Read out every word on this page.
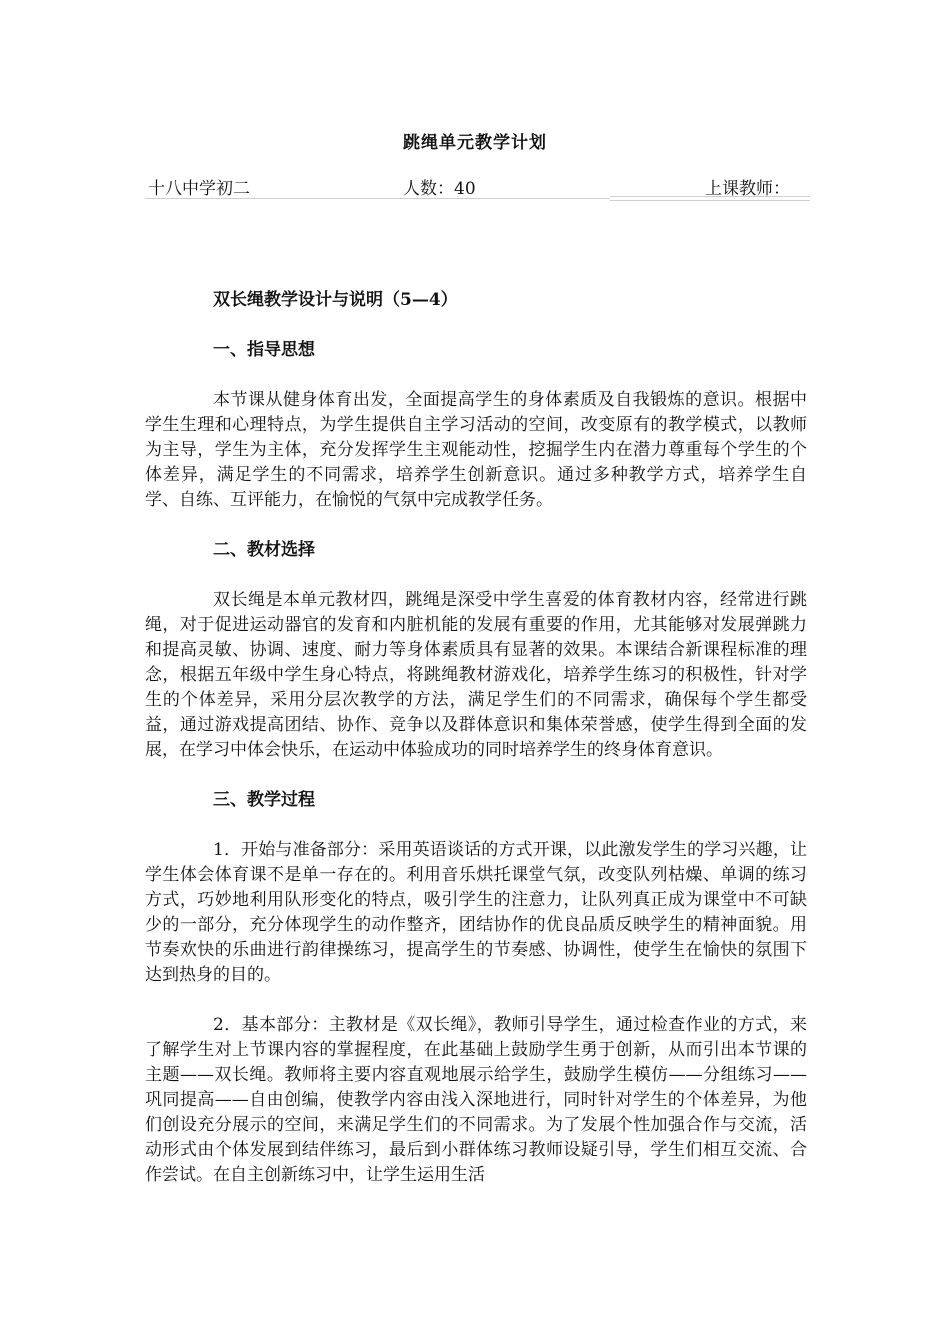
跳绳单元教学计划
十八中学初二	人数：40	上课教师：

双长绳教学设计与说明（5—4）

一、指导思想

本节课从健身体育出发，全面提高学生的身体素质及自我锻炼的意识。根据中学生生理和心理特点，为学生提供自主学习活动的空间，改变原有的教学模式，以教师为主导，学生为主体，充分发挥学生主观能动性，挖掘学生内在潜力尊重每个学生的个体差异，满足学生的不同需求，培养学生创新意识。通过多种教学方式，培养学生自学、自练、互评能力，在愉悦的气氛中完成教学任务。

二、教材选择

双长绳是本单元教材四，跳绳是深受中学生喜爱的体育教材内容，经常进行跳绳，对于促进运动器官的发育和内脏机能的发展有重要的作用，尤其能够对发展弹跳力和提高灵敏、协调、速度、耐力等身体素质具有显著的效果。本课结合新课程标准的理念，根据五年级中学生身心特点，将跳绳教材游戏化，培养学生练习的积极性，针对学生的个体差异，采用分层次教学的方法，满足学生们的不同需求，确保每个学生都受益，通过游戏提高团结、协作、竞争以及群体意识和集体荣誉感，使学生得到全面的发展，在学习中体会快乐，在运动中体验成功的同时培养学生的终身体育意识。

三、教学过程

1．开始与准备部分：采用英语谈话的方式开课，以此激发学生的学习兴趣，让学生体会体育课不是单一存在的。利用音乐烘托课堂气氛，改变队列枯燥、单调的练习方式，巧妙地利用队形变化的特点，吸引学生的注意力，让队列真正成为课堂中不可缺少的一部分，充分体现学生的动作整齐，团结协作的优良品质反映学生的精神面貌。用节奏欢快的乐曲进行韵律操练习，提高学生的节奏感、协调性，使学生在愉快的氛围下达到热身的目的。

2．基本部分：主教材是《双长绳》，教师引导学生，通过检查作业的方式，来了解学生对上节课内容的掌握程度，在此基础上鼓励学生勇于创新，从而引出本节课的主题——双长绳。教师将主要内容直观地展示给学生，鼓励学生模仿——分组练习——巩同提高——自由创编，使教学内容由浅入深地进行，同时针对学生的个体差异，为他们创设充分展示的空间，来满足学生们的不同需求。为了发展个性加强合作与交流，活动形式由个体发展到结伴练习，最后到小群体练习教师设疑引导，学生们相互交流、合作尝试。在自主创新练习中，让学生运用生活
